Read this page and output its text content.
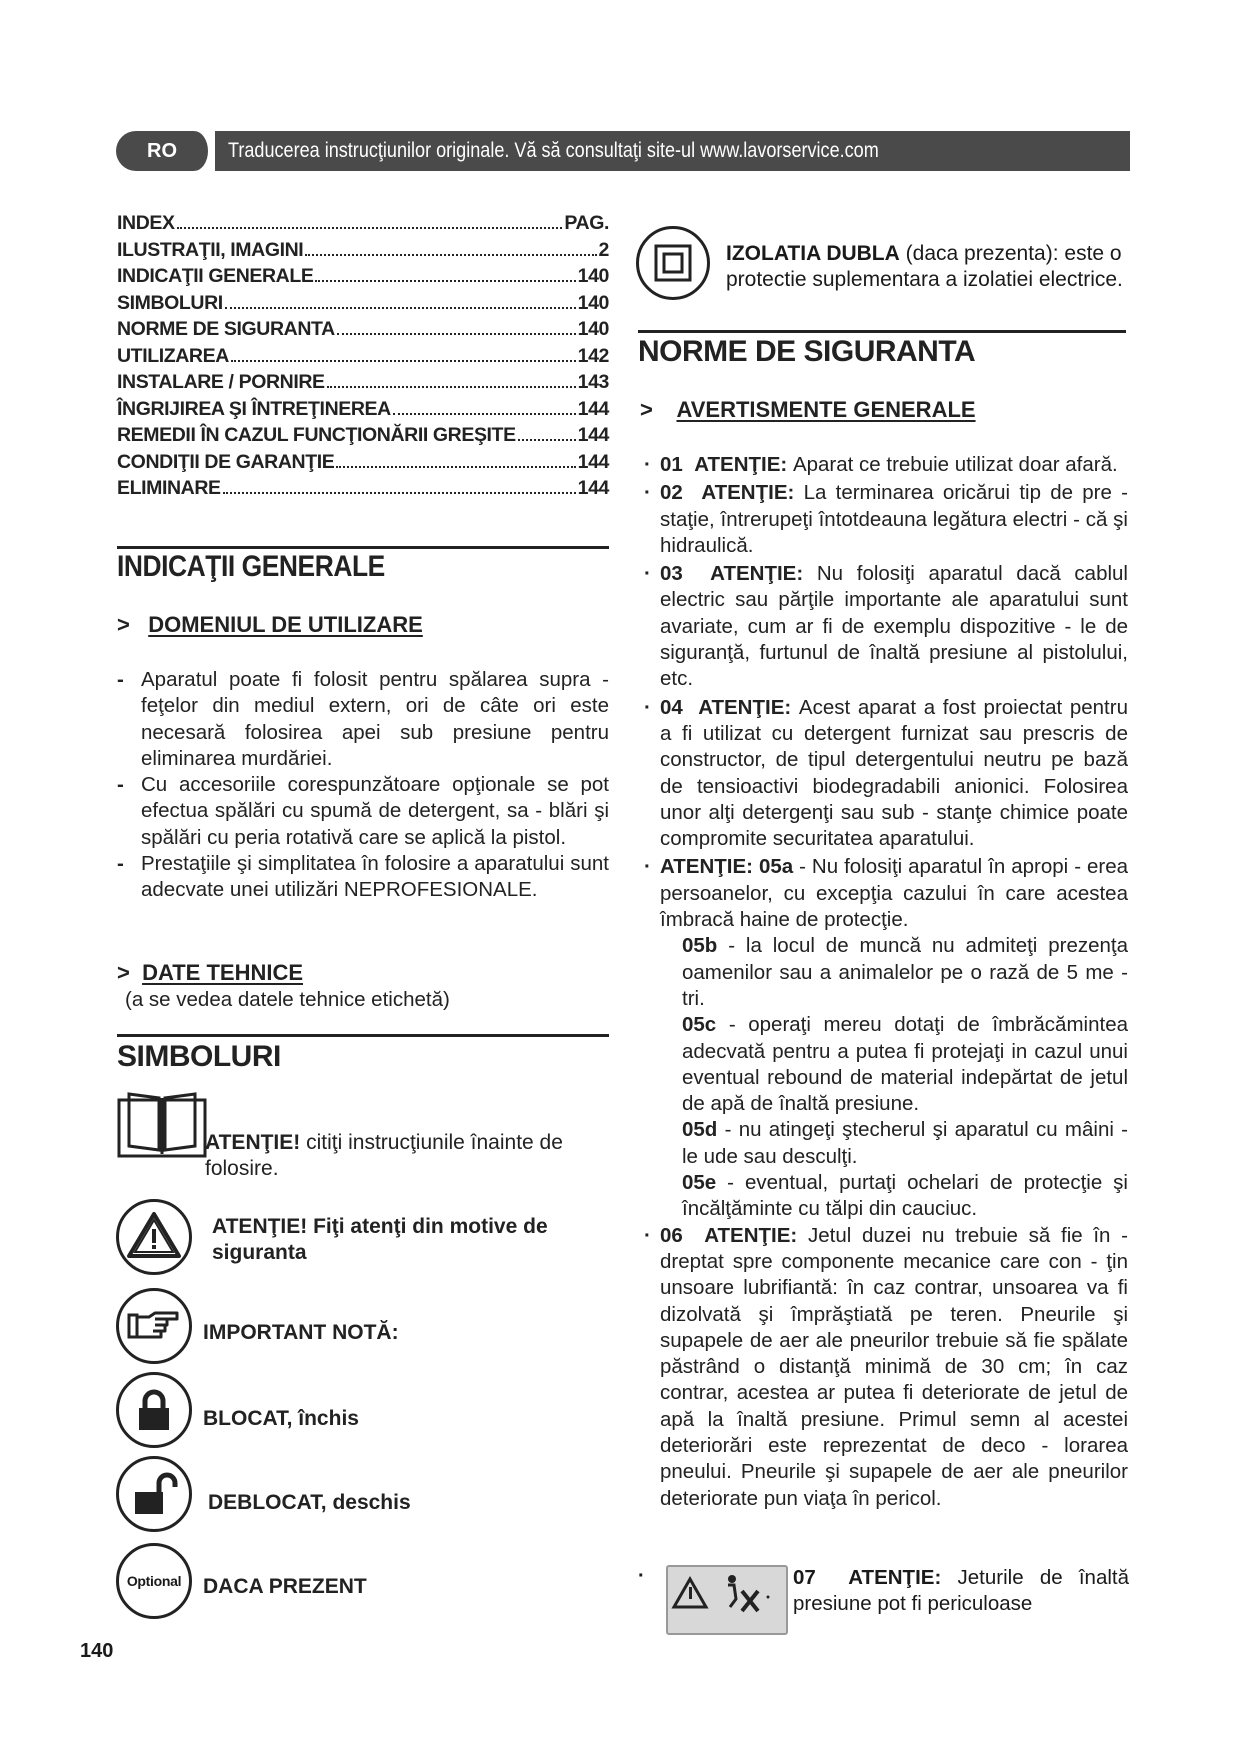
RO	Traducerea instrucţiunilor originale. Vă să consultaţi site-ul www.lavorservice.com
INDEX	PAG.
ILUSTRAŢII, IMAGINI	2
INDICAŢII GENERALE	140
SIMBOLURI	140
NORME DE SIGURANTA	140
UTILIZAREA	142
INSTALARE / PORNIRE	143
ÎNGRIJIREA ŞI ÎNTREŢINEREA	144
REMEDII ÎN CAZUL FUNCŢIONĂRII GREŞITE	144
CONDIŢII DE GARANŢIE	144
ELIMINARE	144
INDICAŢII GENERALE
> DOMENIUL DE UTILIZARE
- Aparatul poate fi folosit pentru spălarea supra - feţelor din mediul extern, ori de câte ori este necesară folosirea apei sub presiune pentru eliminarea murdăriei.
- Cu accesoriile corespunzătoare opţionale se pot efectua spălări cu spumă de detergent, sa - blări şi spălări cu peria rotativă care se aplică la pistol.
- Prestaţiile şi simplitatea în folosire a aparatului sunt adecvate unei utilizări NEPROFESIONALE.
> DATE TEHNICE
(a se vedea datele tehnice etichetă)
SIMBOLURI
ATENŢIE! citiţi instrucţiunile înainte de folosire.
ATENŢIE! Fiţi atenţi din motive de siguranta
IMPORTANT NOTĂ:
BLOCAT, închis
DEBLOCAT, deschis
Optional	DACA PREZENT
IZOLATIA DUBLA (daca prezenta): este o protectie suplementara a izolatiei electrice.
NORME DE SIGURANTA
> AVERTISMENTE GENERALE
· 01 ATENŢIE: Aparat ce trebuie utilizat doar afară.
· 02 ATENŢIE: La terminarea oricărui tip de pre - staţie, întrerupeţi întotdeauna legătura electri - că şi hidraulică.
· 03 ATENŢIE: Nu folosiţi aparatul dacă cablul electric sau părţile importante ale aparatului sunt avariate, cum ar fi de exemplu dispozitive - le de siguranţă, furtunul de înaltă presiune al pistolului, etc.
· 04 ATENŢIE: Acest aparat a fost proiectat pentru a fi utilizat cu detergent furnizat sau prescris de constructor, de tipul detergentului neutru pe bază de tensioactivi biodegradabili anionici. Folosirea unor alţi detergenţi sau sub - stanţe chimice poate compromite securitatea aparatului.
· ATENŢIE: 05a - Nu folosiţi aparatul în apropi - erea persoanelor, cu excepţia cazului în care acestea îmbracă haine de protecţie.
05b - la locul de muncă nu admiteţi prezenţa oamenilor sau a animalelor pe o rază de 5 me - tri.
05c - operaţi mereu dotaţi de îmbrăcămintea adecvată pentru a putea fi protejaţi in cazul unui eventual rebound de material indepărtat de jetul de apă de înaltă presiune.
05d - nu atingeţi ştecherul şi aparatul cu mâini - le ude sau desculţi.
05e - eventual, purtaţi ochelari de protecţie şi încălţăminte cu tălpi din cauciuc.
· 06 ATENŢIE: Jetul duzei nu trebuie să fie în - dreptat spre componente mecanice care con - ţin unsoare lubrifiantă: în caz contrar, unsoarea va fi dizolvată şi împrăştiată pe teren. Pneurile şi supapele de aer ale pneurilor trebuie să fie spălate păstrând o distanţă minimă de 30 cm; în caz contrar, acestea ar putea fi deteriorate de jetul de apă la înaltă presiune. Primul semn al acestei deteriorări este reprezentat de deco - lorarea pneului. Pneurile şi supapele de aer ale pneurilor deteriorate pun viaţa în pericol.
·	07 ATENŢIE: Jeturile de înaltă presiune pot fi periculoase
140
